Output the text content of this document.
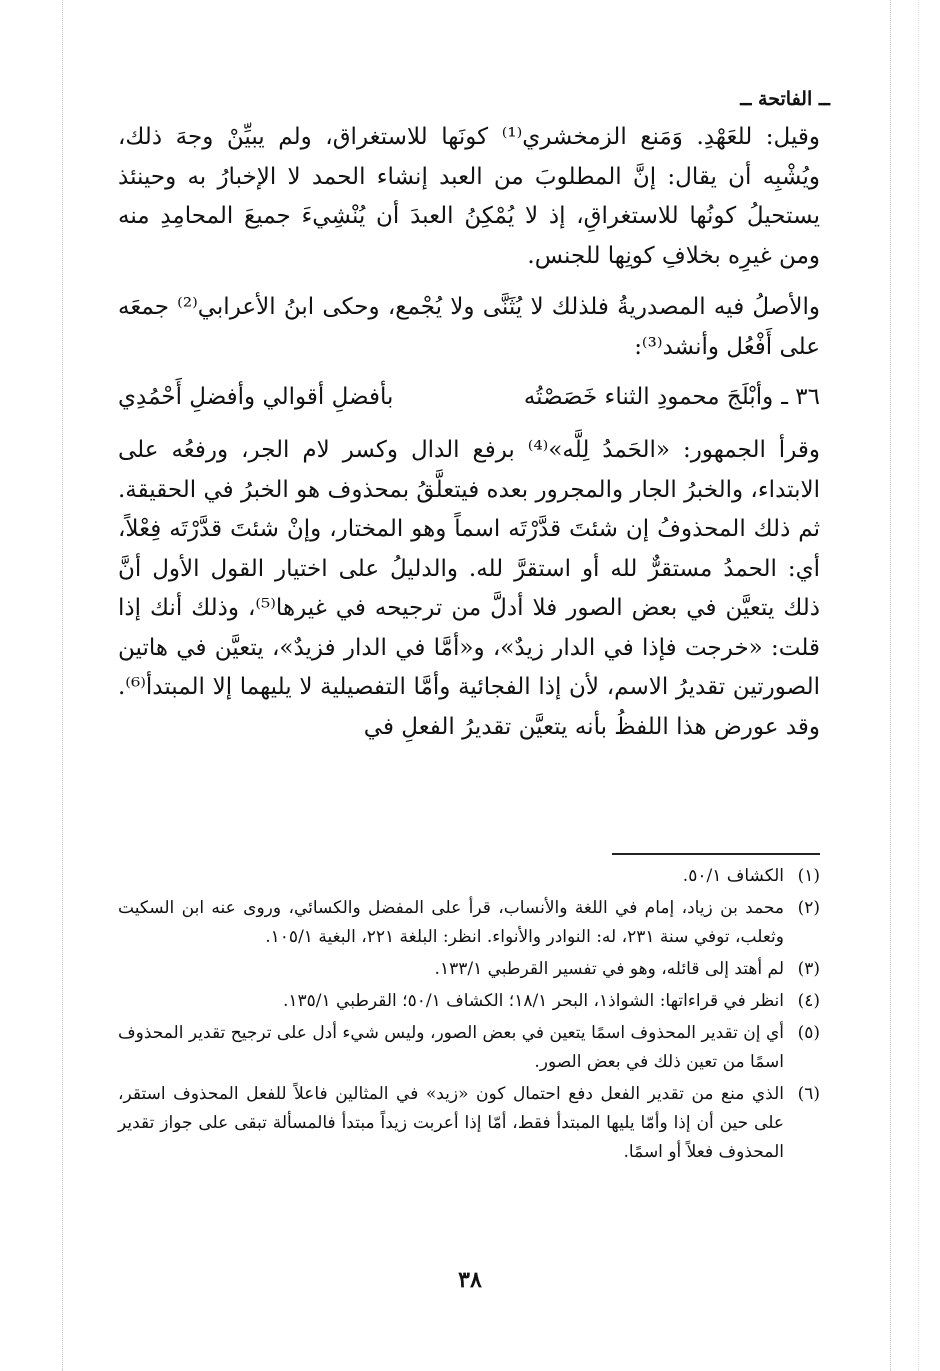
ــ الفاتحة ــ

وقيل: للعَهْدِ. وَمَنع الزمخشري⁽¹⁾ كونَها للاستغراق، ولم يبيِّنْ وجهَ ذلك، ويُشْبِه أن يقال: إنَّ المطلوبَ من العبد إنشاء الحمد لا الإخبارُ به وحينئذ يستحيلُ كونُها للاستغراقِ، إذ لا يُمْكِنُ العبدَ أن يُنْشِيءَ جميعَ المحامِدِ منه ومن غيرِه بخلافِ كونِها للجنس.

والأصلُ فيه المصدريةُ فلذلك لا يُثَنَّى ولا يُجْمع، وحكى ابنُ الأعرابي⁽²⁾ جمعَه على أَفْعُل وأنشد⁽³⁾:

٣٦ ـ
وأبْلَجَ محمودِ الثناء خَصَصْتُه
بأفضلِ أقوالي وأفضلِ أَحْمُدِي

وقرأ الجمهور: «الحَمدُ لِلَّه»⁽⁴⁾ برفع الدال وكسر لام الجر، ورفعُه على الابتداء، والخبرُ الجار والمجرور بعده فيتعلَّقُ بمحذوف هو الخبرُ في الحقيقة. ثم ذلك المحذوفُ إن شئتَ قدَّرْتَه اسماً وهو المختار، وإنْ شئتَ قدَّرْتَه فِعْلاً، أي: الحمدُ مستقرٌّ لله أو استقرَّ لله. والدليلُ على اختيار القول الأول أنَّ ذلك يتعيَّن في بعض الصور فلا أدلَّ من ترجيحه في غيرها⁽⁵⁾، وذلك أنك إذا قلت: «خرجت فإذا في الدار زيدٌ»، و«أمَّا في الدار فزيدٌ»، يتعيَّن في هاتين الصورتين تقديرُ الاسم، لأن إذا الفجائية وأمَّا التفصيلية لا يليهما إلا المبتدأ⁽⁶⁾. وقد عورض هذا اللفظُ بأنه يتعيَّن تقديرُ الفعلِ في

(١)
الكشاف ٥٠/١.
(٢)
محمد بن زياد، إمام في اللغة والأنساب، قرأ على المفضل والكسائي، وروى عنه ابن السكيت وثعلب، توفي سنة ٢٣١، له: النوادر والأنواء. انظر: البلغة ٢٢١، البغية ١٠٥/١.
(٣)
لم أهتد إلى قائله، وهو في تفسير القرطبي ١٣٣/١.
(٤)
انظر في قراءاتها: الشواذ١، البحر ١٨/١؛ الكشاف ٥٠/١؛ القرطبي ١٣٥/١.
(٥)
أي إن تقدير المحذوف اسمًا يتعين في بعض الصور، وليس شيء أدل على ترجيح تقدير المحذوف اسمًا من تعين ذلك في بعض الصور.
(٦)
الذي منع من تقدير الفعل دفع احتمال كون «زيد» في المثالين فاعلاً للفعل المحذوف استقر، على حين أن إذا وأمّا يليها المبتدأ فقط، أمّا إذا أعربت زيداً مبتدأ فالمسألة تبقى على جواز تقدير المحذوف فعلاً أو اسمًا.
٣٨
